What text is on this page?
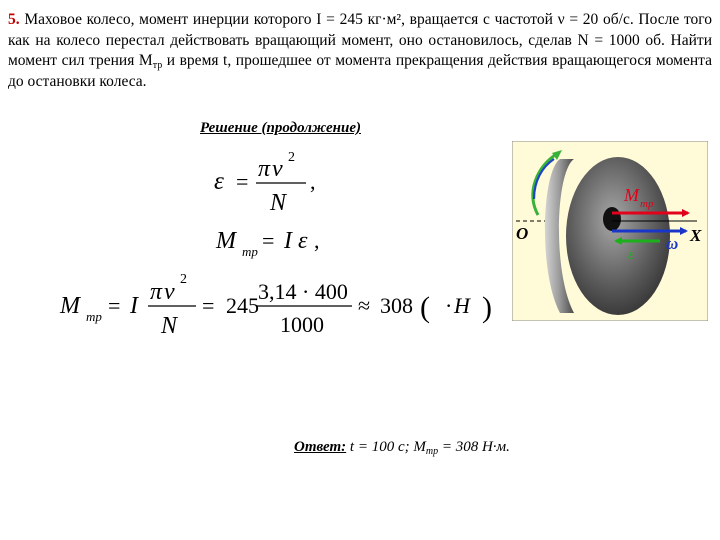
5. Маховое колесо, момент инерции которого I = 245 кг·м², вращается с частотой ν = 20 об/с. После того как на колесо перестал действовать вращающий момент, оно остановилось, сделав N = 1000 об. Найти момент сил трения $M_{тр}$ и время t, прошедшее от момента прекращения действия вращающегося момента до остановки колеса.
Решение (продолжение)
ε = π ν 2
N
,
M тр = I ε ,
M тр = I
π ν 2
N
= 245
3,14 · 400
1000
≈ 308 ( · H )
O	X
M тр
ω
ε
Ответ: t = 100 с; $M_{тр} = 308$ Н·м.
